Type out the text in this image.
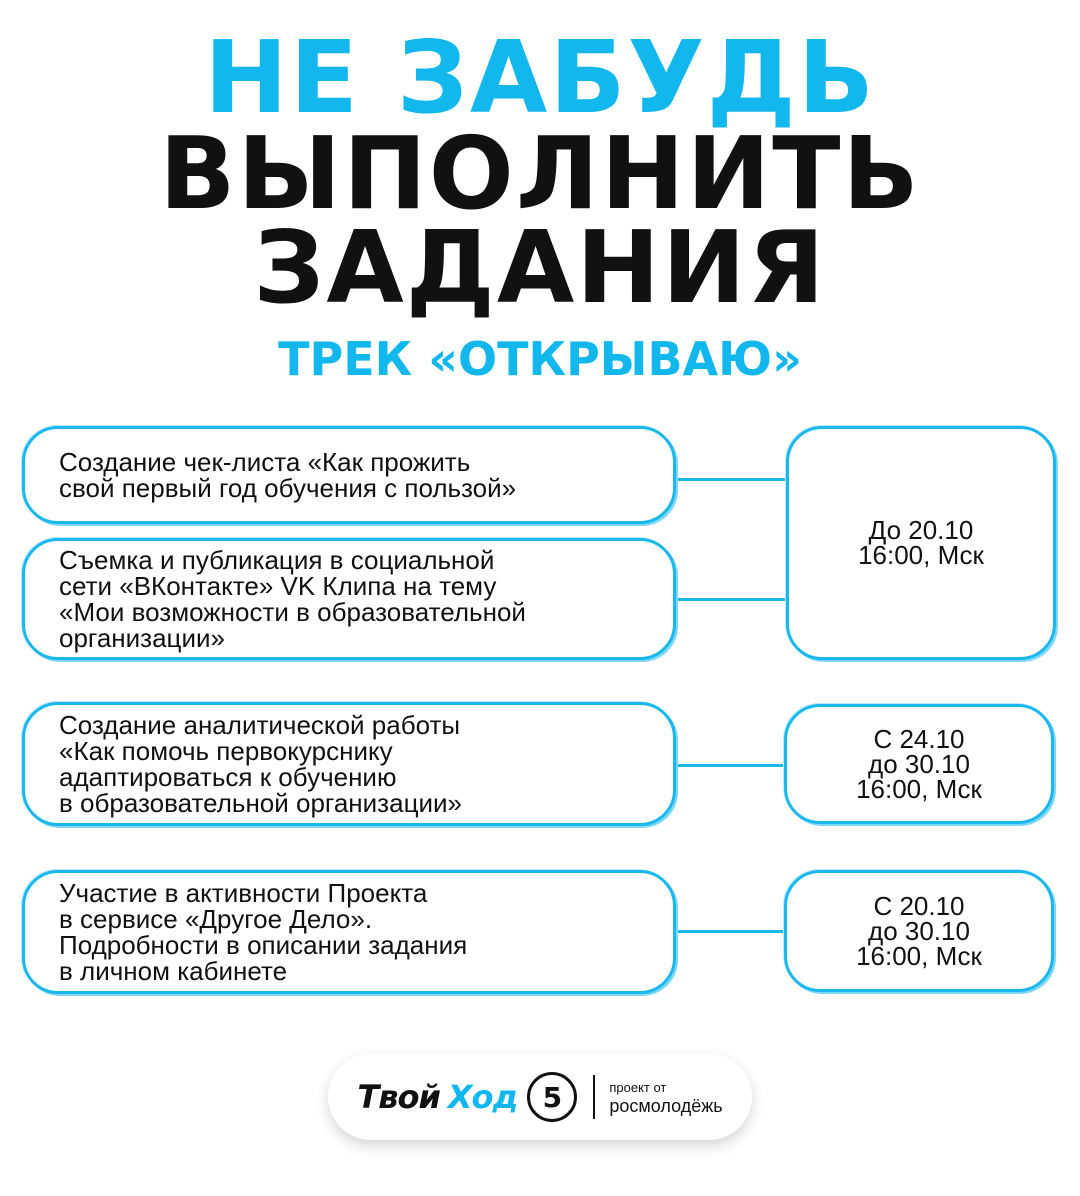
НЕ ЗАБУДЬ
ВЫПОЛНИТЬ
ЗАДАНИЯ
ТРЕК «ОТКРЫВАЮ»
Создание чек-листа «Как прожить
свой первый год обучения с пользой»
Съемка и публикация в социальной
сети «ВКонтакте» VK Клипа на тему
«Мои возможности в образовательной
организации»
Создание аналитической работы
«Как помочь первокурснику
адаптироваться к обучению
в образовательной организации»
Участие в активности Проекта
в сервисе «Другое Дело».
Подробности в описании задания
в личном кабинете
До 20.10
16:00, Мск
С 24.10
до 30.10
16:00, Мск
С 20.10
до 30.10
16:00, Мск
Твой Ход 5	проект от
росмолодёжь
